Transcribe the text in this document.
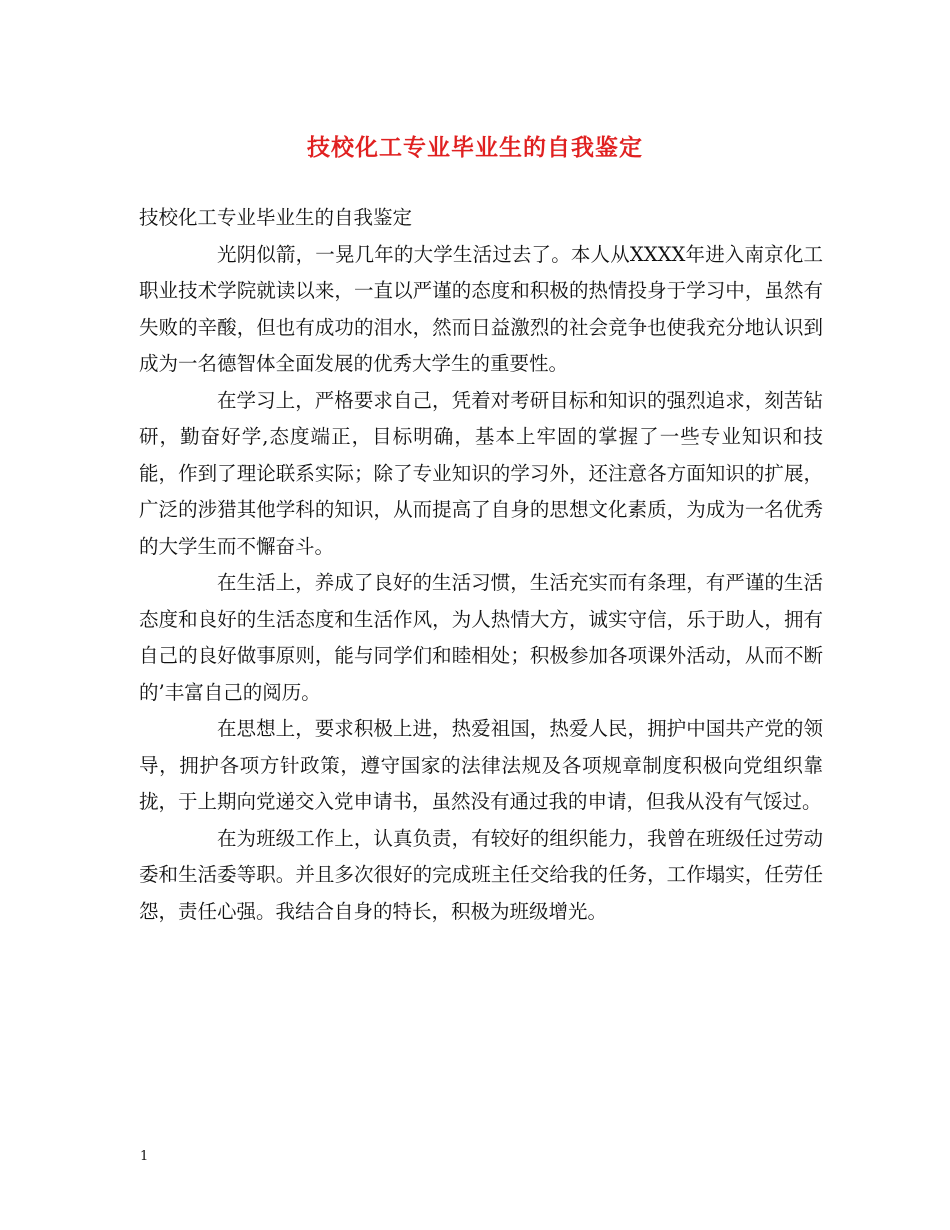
技校化工专业毕业生的自我鉴定

技校化工专业毕业生的自我鉴定

光阴似箭，一晃几年的大学生活过去了。本人从XXXX年进入南京化工职业技术学院就读以来，一直以严谨的态度和积极的热情投身于学习中，虽然有失败的辛酸，但也有成功的泪水，然而日益激烈的社会竞争也使我充分地认识到成为一名德智体全面发展的优秀大学生的重要性。

在学习上，严格要求自己，凭着对考研目标和知识的强烈追求，刻苦钻研，勤奋好学,态度端正，目标明确，基本上牢固的掌握了一些专业知识和技能，作到了理论联系实际；除了专业知识的学习外，还注意各方面知识的扩展，广泛的涉猎其他学科的知识，从而提高了自身的思想文化素质，为成为一名优秀的大学生而不懈奋斗。

在生活上，养成了良好的生活习惯，生活充实而有条理，有严谨的生活态度和良好的生活态度和生活作风，为人热情大方，诚实守信，乐于助人，拥有自己的良好做事原则，能与同学们和睦相处；积极参加各项课外活动，从而不断的’丰富自己的阅历。

在思想上，要求积极上进，热爱祖国，热爱人民，拥护中国共产党的领导，拥护各项方针政策，遵守国家的法律法规及各项规章制度积极向党组织靠拢，于上期向党递交入党申请书，虽然没有通过我的申请，但我从没有气馁过。

在为班级工作上，认真负责，有较好的组织能力，我曾在班级任过劳动委和生活委等职。并且多次很好的完成班主任交给我的任务，工作塌实，任劳任怨，责任心强。我结合自身的特长，积极为班级增光。

1
